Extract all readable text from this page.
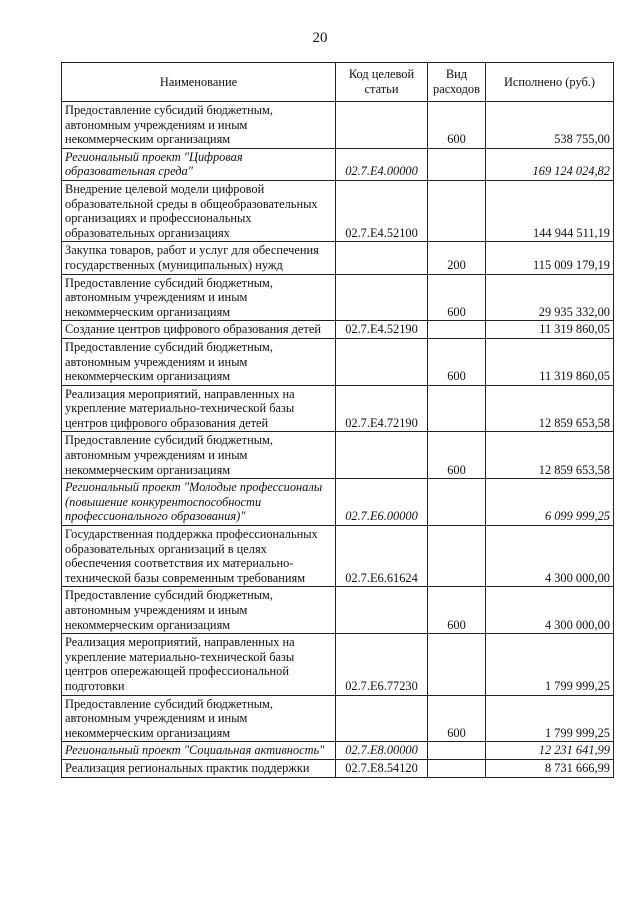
20
Наименование	Код целевой статьи	Вид расходов	Исполнено (руб.)
Предоставление субсидий бюджетным, автономным учреждениям и иным некоммерческим организациям		600	538 755,00
Региональный проект "Цифровая образовательная среда"	02.7.Е4.00000		169 124 024,82
Внедрение целевой модели цифровой образовательной среды в общеобразовательных организациях и профессиональных образовательных организациях	02.7.Е4.52100		144 944 511,19
Закупка товаров, работ и услуг для обеспечения государственных (муниципальных) нужд		200	115 009 179,19
Предоставление субсидий бюджетным, автономным учреждениям и иным некоммерческим организациям		600	29 935 332,00
Создание центров цифрового образования детей	02.7.Е4.52190		11 319 860,05
Предоставление субсидий бюджетным, автономным учреждениям и иным некоммерческим организациям		600	11 319 860,05
Реализация мероприятий, направленных на укрепление материально-технической базы центров цифрового образования детей	02.7.Е4.72190		12 859 653,58
Предоставление субсидий бюджетным, автономным учреждениям и иным некоммерческим организациям		600	12 859 653,58
Региональный проект "Молодые профессионалы (повышение конкурентоспособности профессионального образования)"	02.7.Е6.00000		6 099 999,25
Государственная поддержка профессиональных образовательных организаций в целях обеспечения соответствия их материально-технической базы современным требованиям	02.7.Е6.61624		4 300 000,00
Предоставление субсидий бюджетным, автономным учреждениям и иным некоммерческим организациям		600	4 300 000,00
Реализация мероприятий, направленных на укрепление материально-технической базы центров опережающей профессиональной подготовки	02.7.Е6.77230		1 799 999,25
Предоставление субсидий бюджетным, автономным учреждениям и иным некоммерческим организациям		600	1 799 999,25
Региональный проект "Социальная активность"	02.7.Е8.00000		12 231 641,99
Реализация региональных практик поддержки	02.7.Е8.54120		8 731 666,99
